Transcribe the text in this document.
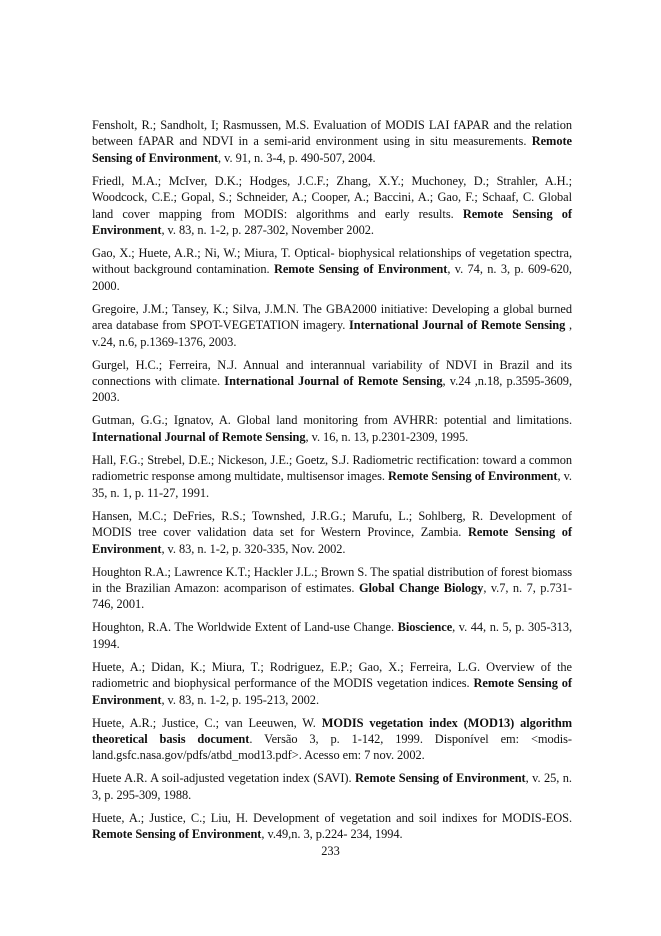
Fensholt, R.; Sandholt, I; Rasmussen, M.S. Evaluation of MODIS LAI fAPAR and the relation between fAPAR and NDVI in a semi-arid environment using in situ measurements. Remote Sensing of Environment, v. 91, n. 3-4, p. 490-507, 2004.

Friedl, M.A.; McIver, D.K.; Hodges, J.C.F.; Zhang, X.Y.; Muchoney, D.; Strahler, A.H.; Woodcock, C.E.; Gopal, S.; Schneider, A.; Cooper, A.; Baccini, A.; Gao, F.; Schaaf, C. Global land cover mapping from MODIS: algorithms and early results. Remote Sensing of Environment, v. 83, n. 1-2, p. 287-302, November 2002.

Gao, X.; Huete, A.R.; Ni, W.; Miura, T. Optical- biophysical relationships of vegetation spectra, without background contamination. Remote Sensing of Environment, v. 74, n. 3, p. 609-620, 2000.

Gregoire, J.M.; Tansey, K.; Silva, J.M.N. The GBA2000 initiative: Developing a global burned area database from SPOT-VEGETATION imagery. International Journal of Remote Sensing , v.24, n.6, p.1369-1376, 2003.

Gurgel, H.C.; Ferreira, N.J. Annual and interannual variability of NDVI in Brazil and its connections with climate. International Journal of Remote Sensing, v.24 ,n.18, p.3595-3609, 2003.

Gutman, G.G.; Ignatov, A. Global land monitoring from AVHRR: potential and limitations. International Journal of Remote Sensing, v. 16, n. 13, p.2301-2309, 1995.

Hall, F.G.; Strebel, D.E.; Nickeson, J.E.; Goetz, S.J. Radiometric rectification: toward a common radiometric response among multidate, multisensor images. Remote Sensing of Environment, v. 35, n. 1, p. 11-27, 1991.

Hansen, M.C.; DeFries, R.S.; Townshed, J.R.G.; Marufu, L.; Sohlberg, R. Development of MODIS tree cover validation data set for Western Province, Zambia. Remote Sensing of Environment, v. 83, n. 1-2, p. 320-335, Nov. 2002.

Houghton R.A.; Lawrence K.T.; Hackler J.L.; Brown S. The spatial distribution of forest biomass in the Brazilian Amazon: acomparison of estimates. Global Change Biology, v.7, n. 7, p.731-746, 2001.

Houghton, R.A. The Worldwide Extent of Land-use Change. Bioscience, v. 44, n. 5, p. 305-313, 1994.

Huete, A.; Didan, K.; Miura, T.; Rodriguez, E.P.; Gao, X.; Ferreira, L.G. Overview of the radiometric and biophysical performance of the MODIS vegetation indices. Remote Sensing of Environment, v. 83, n. 1-2, p. 195-213, 2002.

Huete, A.R.; Justice, C.; van Leeuwen, W. MODIS vegetation index (MOD13) algorithm theoretical basis document. Versão 3, p. 1-142, 1999. Disponível em: <modis-land.gsfc.nasa.gov/pdfs/atbd_mod13.pdf>. Acesso em: 7 nov. 2002.

Huete A.R. A soil-adjusted vegetation index (SAVI). Remote Sensing of Environment, v. 25, n. 3, p. 295-309, 1988.

Huete, A.; Justice, C.; Liu, H. Development of vegetation and soil indixes for MODIS-EOS. Remote Sensing of Environment, v.49,n. 3, p.224- 234, 1994.

233
